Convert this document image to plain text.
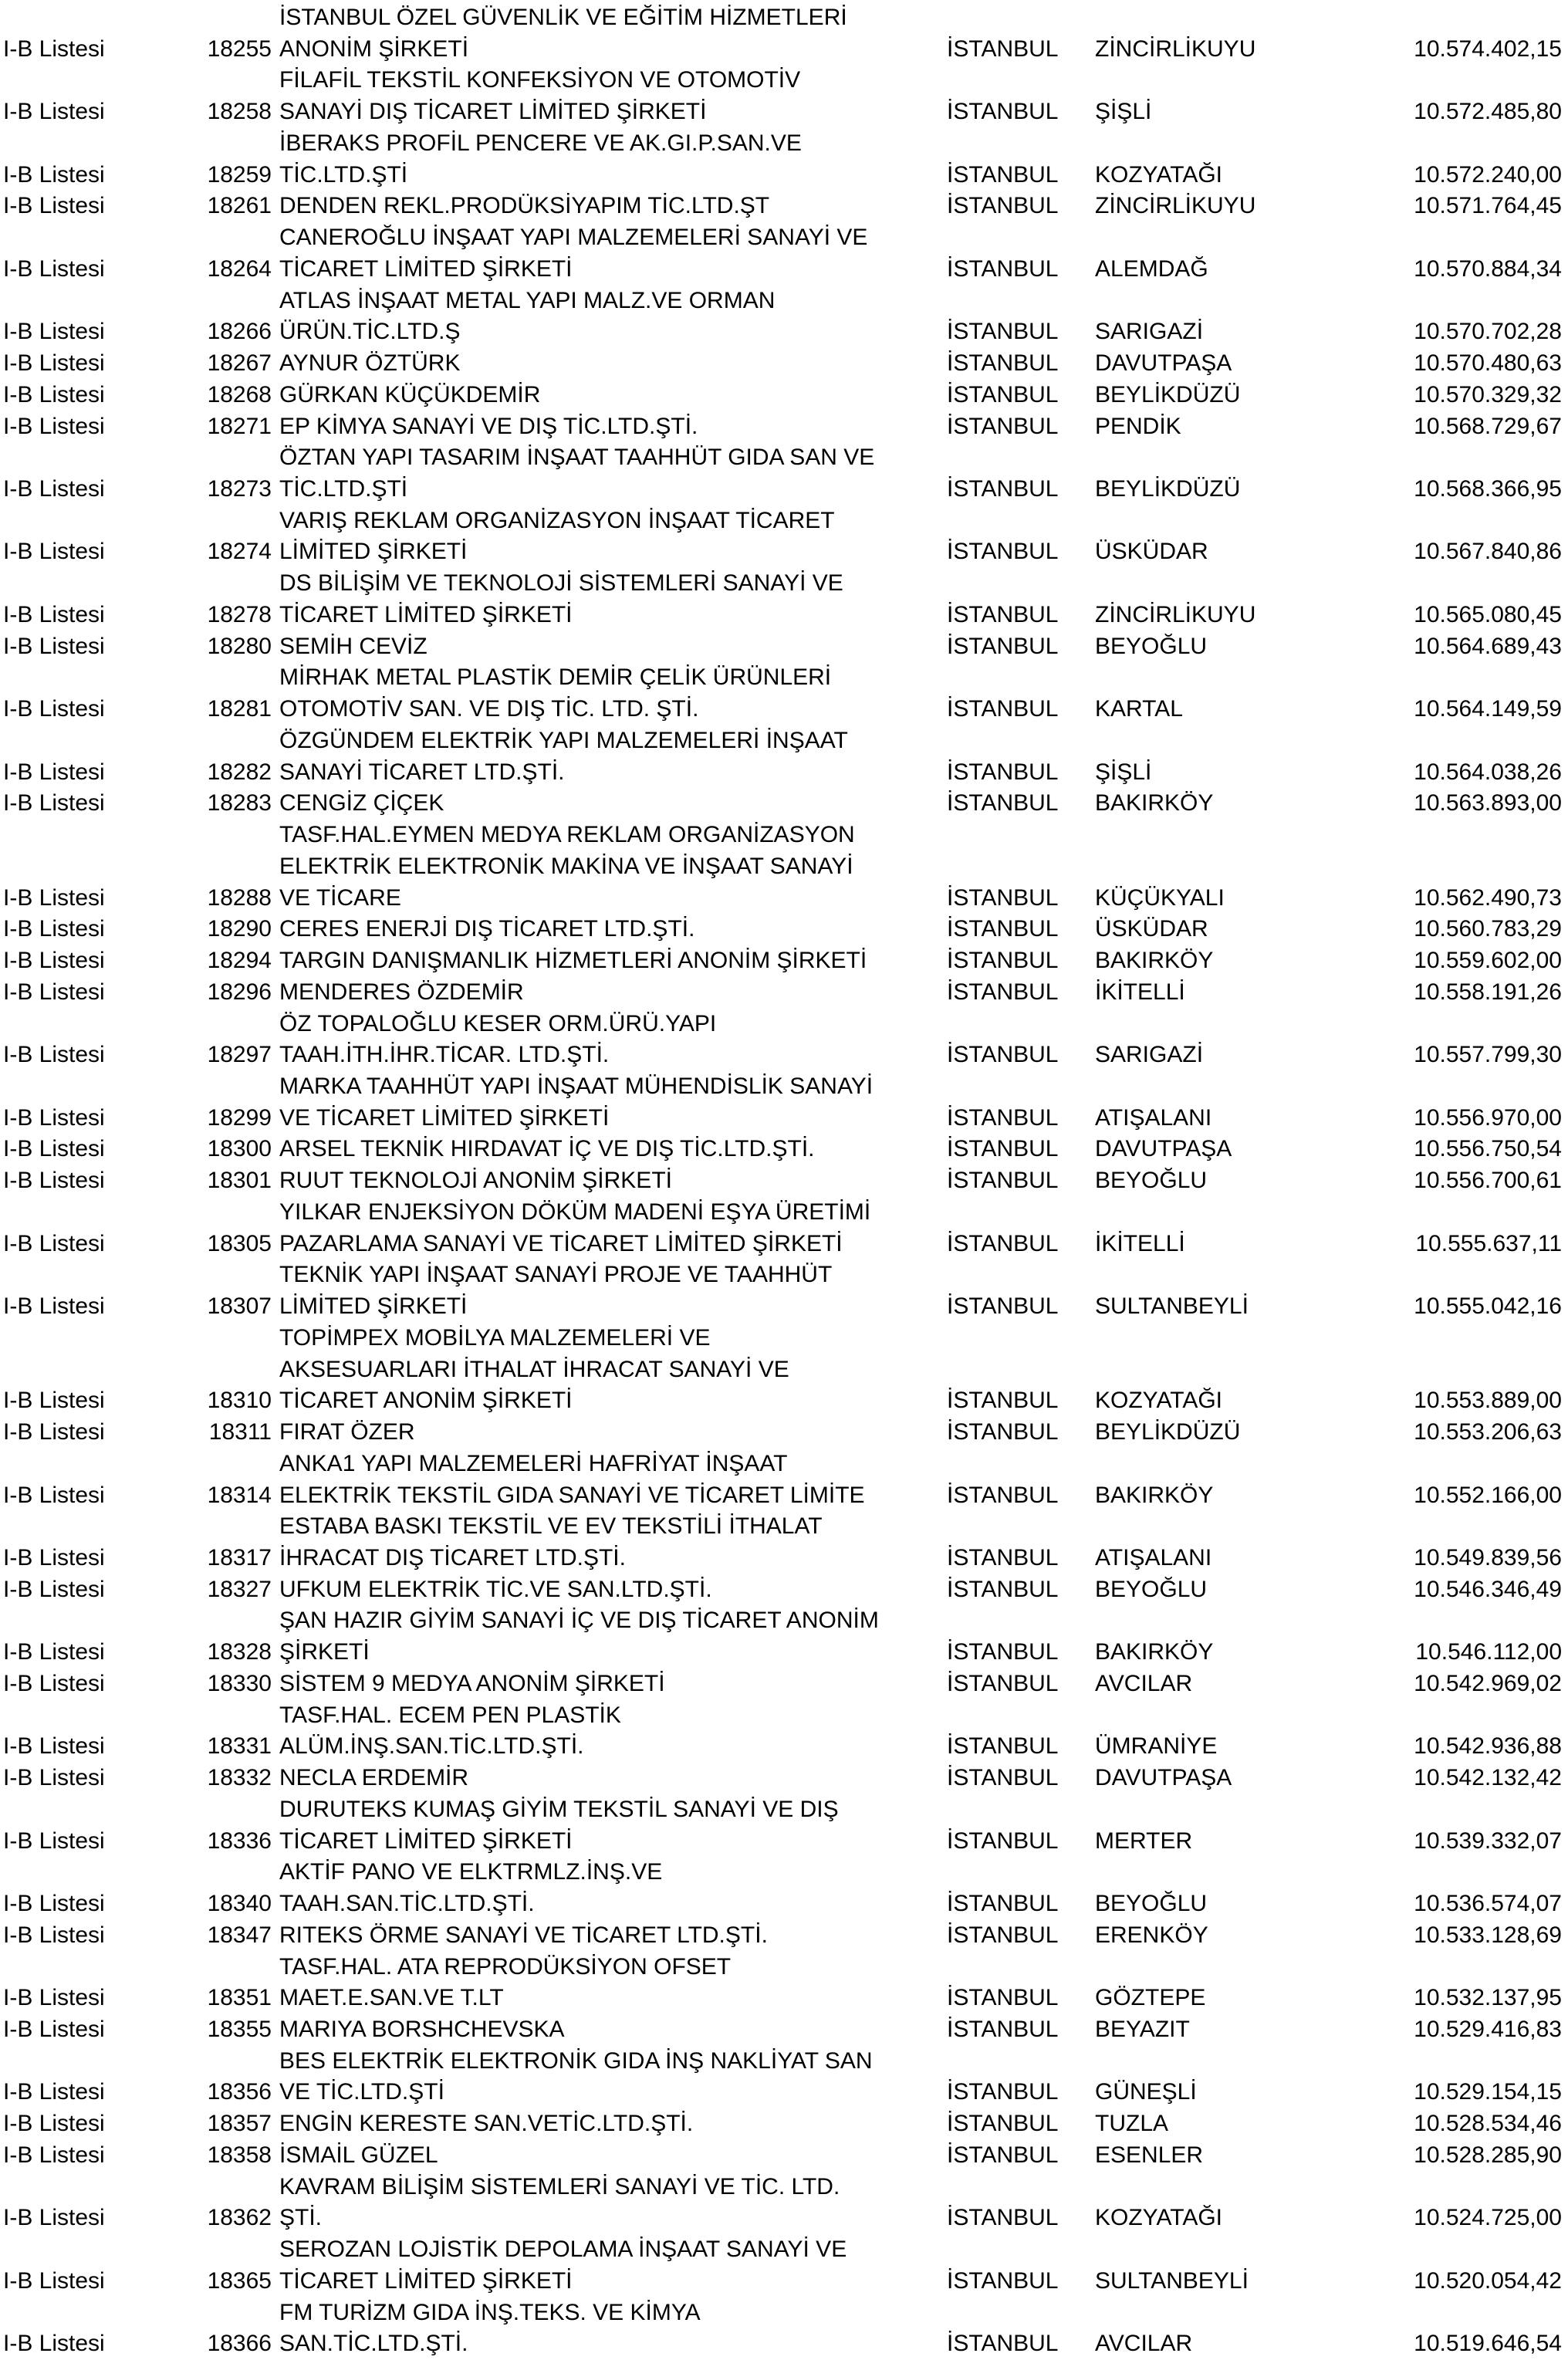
İSTANBUL ÖZEL GÜVENLİK VE EĞİTİM HİZMETLERİ
I-B Listesi	18255 ANONİM ŞİRKETİ	İSTANBUL ZİNCİRLİKUYU	10.574.402,15
FİLAFİL TEKSTİL KONFEKSİYON VE OTOMOTİV
I-B Listesi	18258 SANAYİ DIŞ TİCARET LİMİTED ŞİRKETİ	İSTANBUL ŞİŞLİ	10.572.485,80
İBERAKS PROFİL PENCERE VE AK.GI.P.SAN.VE
I-B Listesi	18259 TİC.LTD.ŞTİ	İSTANBUL KOZYATAĞI	10.572.240,00
I-B Listesi	18261 DENDEN REKL.PRODÜKSİYAPIM TİC.LTD.ŞT	İSTANBUL ZİNCİRLİKUYU	10.571.764,45
CANEROĞLU İNŞAAT YAPI MALZEMELERİ SANAYİ VE
I-B Listesi	18264 TİCARET LİMİTED ŞİRKETİ	İSTANBUL ALEMDAĞ	10.570.884,34
ATLAS İNŞAAT METAL YAPI MALZ.VE ORMAN
I-B Listesi	18266 ÜRÜN.TİC.LTD.Ş	İSTANBUL SARIGAZİ	10.570.702,28
I-B Listesi	18267 AYNUR ÖZTÜRK	İSTANBUL DAVUTPAŞA	10.570.480,63
I-B Listesi	18268 GÜRKAN KÜÇÜKDEMİR	İSTANBUL BEYLİKDÜZÜ	10.570.329,32
I-B Listesi	18271 EP KİMYA SANAYİ VE DIŞ TİC.LTD.ŞTİ.	İSTANBUL PENDİK	10.568.729,67
ÖZTAN YAPI TASARIM İNŞAAT TAAHHÜT GIDA SAN VE
I-B Listesi	18273 TİC.LTD.ŞTİ	İSTANBUL BEYLİKDÜZÜ	10.568.366,95
VARIŞ REKLAM ORGANİZASYON İNŞAAT TİCARET
I-B Listesi	18274 LİMİTED ŞİRKETİ	İSTANBUL ÜSKÜDAR	10.567.840,86
DS BİLİŞİM VE TEKNOLOJİ SİSTEMLERİ SANAYİ VE
I-B Listesi	18278 TİCARET LİMİTED ŞİRKETİ	İSTANBUL ZİNCİRLİKUYU	10.565.080,45
I-B Listesi	18280 SEMİH CEVİZ	İSTANBUL BEYOĞLU	10.564.689,43
MİRHAK METAL PLASTİK DEMİR ÇELİK ÜRÜNLERİ
I-B Listesi	18281 OTOMOTİV SAN. VE DIŞ TİC. LTD. ŞTİ.	İSTANBUL KARTAL	10.564.149,59
ÖZGÜNDEM ELEKTRİK YAPI MALZEMELERİ İNŞAAT
I-B Listesi	18282 SANAYİ TİCARET LTD.ŞTİ.	İSTANBUL ŞİŞLİ	10.564.038,26
I-B Listesi	18283 CENGİZ ÇİÇEK	İSTANBUL BAKIRKÖY	10.563.893,00
TASF.HAL.EYMEN MEDYA REKLAM ORGANİZASYON
ELEKTRİK ELEKTRONİK MAKİNA VE İNŞAAT SANAYİ
I-B Listesi	18288 VE TİCARE	İSTANBUL KÜÇÜKYALI	10.562.490,73
I-B Listesi	18290 CERES ENERJİ DIŞ TİCARET LTD.ŞTİ.	İSTANBUL ÜSKÜDAR	10.560.783,29
I-B Listesi	18294 TARGIN DANIŞMANLIK HİZMETLERİ ANONİM ŞİRKETİ	İSTANBUL BAKIRKÖY	10.559.602,00
I-B Listesi	18296 MENDERES ÖZDEMİR	İSTANBUL İKİTELLİ	10.558.191,26
ÖZ TOPALOĞLU KESER ORM.ÜRÜ.YAPI
I-B Listesi	18297 TAAH.İTH.İHR.TİCAR. LTD.ŞTİ.	İSTANBUL SARIGAZİ	10.557.799,30
MARKA TAAHHÜT YAPI İNŞAAT MÜHENDİSLİK SANAYİ
I-B Listesi	18299 VE TİCARET LİMİTED ŞİRKETİ	İSTANBUL ATIŞALANI	10.556.970,00
I-B Listesi	18300 ARSEL TEKNİK HIRDAVAT İÇ VE DIŞ TİC.LTD.ŞTİ.	İSTANBUL DAVUTPAŞA	10.556.750,54
I-B Listesi	18301 RUUT TEKNOLOJİ ANONİM ŞİRKETİ	İSTANBUL BEYOĞLU	10.556.700,61
YILKAR ENJEKSİYON DÖKÜM MADENİ EŞYA ÜRETİMİ
I-B Listesi	18305 PAZARLAMA SANAYİ VE TİCARET LİMİTED ŞİRKETİ	İSTANBUL İKİTELLİ	10.555.637,11
TEKNİK YAPI İNŞAAT SANAYİ PROJE VE TAAHHÜT
I-B Listesi	18307 LİMİTED ŞİRKETİ	İSTANBUL SULTANBEYLİ	10.555.042,16
TOPİMPEX MOBİLYA MALZEMELERİ VE
AKSESUARLARI İTHALAT İHRACAT SANAYİ VE
I-B Listesi	18310 TİCARET ANONİM ŞİRKETİ	İSTANBUL KOZYATAĞI	10.553.889,00
I-B Listesi	18311 FIRAT ÖZER	İSTANBUL BEYLİKDÜZÜ	10.553.206,63
ANKA1 YAPI MALZEMELERİ HAFRİYAT İNŞAAT
I-B Listesi	18314 ELEKTRİK TEKSTİL GIDA SANAYİ VE TİCARET LİMİTE	İSTANBUL BAKIRKÖY	10.552.166,00
ESTABA BASKI TEKSTİL VE EV TEKSTİLİ İTHALAT
I-B Listesi	18317 İHRACAT DIŞ TİCARET LTD.ŞTİ.	İSTANBUL ATIŞALANI	10.549.839,56
I-B Listesi	18327 UFKUM ELEKTRİK TİC.VE SAN.LTD.ŞTİ.	İSTANBUL BEYOĞLU	10.546.346,49
ŞAN HAZIR GİYİM SANAYİ İÇ VE DIŞ TİCARET ANONİM
I-B Listesi	18328 ŞİRKETİ	İSTANBUL BAKIRKÖY	10.546.112,00
I-B Listesi	18330 SİSTEM 9 MEDYA ANONİM ŞİRKETİ	İSTANBUL AVCILAR	10.542.969,02
TASF.HAL. ECEM PEN PLASTİK
I-B Listesi	18331 ALÜM.İNŞ.SAN.TİC.LTD.ŞTİ.	İSTANBUL ÜMRANİYE	10.542.936,88
I-B Listesi	18332 NECLA ERDEMİR	İSTANBUL DAVUTPAŞA	10.542.132,42
DURUTEKS KUMAŞ GİYİM TEKSTİL SANAYİ VE DIŞ
I-B Listesi	18336 TİCARET LİMİTED ŞİRKETİ	İSTANBUL MERTER	10.539.332,07
AKTİF PANO VE ELKTRMLZ.İNŞ.VE
I-B Listesi	18340 TAAH.SAN.TİC.LTD.ŞTİ.	İSTANBUL BEYOĞLU	10.536.574,07
I-B Listesi	18347 RITEKS ÖRME SANAYİ VE TİCARET LTD.ŞTİ.	İSTANBUL ERENKÖY	10.533.128,69
TASF.HAL. ATA REPRODÜKSİYON OFSET
I-B Listesi	18351 MAET.E.SAN.VE T.LT	İSTANBUL GÖZTEPE	10.532.137,95
I-B Listesi	18355 MARIYA BORSHCHEVSKA	İSTANBUL BEYAZIT	10.529.416,83
BES ELEKTRİK ELEKTRONİK GIDA İNŞ NAKLİYAT SAN
I-B Listesi	18356 VE TİC.LTD.ŞTİ	İSTANBUL GÜNEŞLİ	10.529.154,15
I-B Listesi	18357 ENGİN KERESTE SAN.VETİC.LTD.ŞTİ.	İSTANBUL TUZLA	10.528.534,46
I-B Listesi	18358 İSMAİL GÜZEL	İSTANBUL ESENLER	10.528.285,90
KAVRAM BİLİŞİM SİSTEMLERİ SANAYİ VE TİC. LTD.
I-B Listesi	18362 ŞTİ.	İSTANBUL KOZYATAĞI	10.524.725,00
SEROZAN LOJİSTİK DEPOLAMA İNŞAAT SANAYİ VE
I-B Listesi	18365 TİCARET LİMİTED ŞİRKETİ	İSTANBUL SULTANBEYLİ	10.520.054,42
FM TURİZM GIDA İNŞ.TEKS. VE KİMYA
I-B Listesi	18366 SAN.TİC.LTD.ŞTİ.	İSTANBUL AVCILAR	10.519.646,54
